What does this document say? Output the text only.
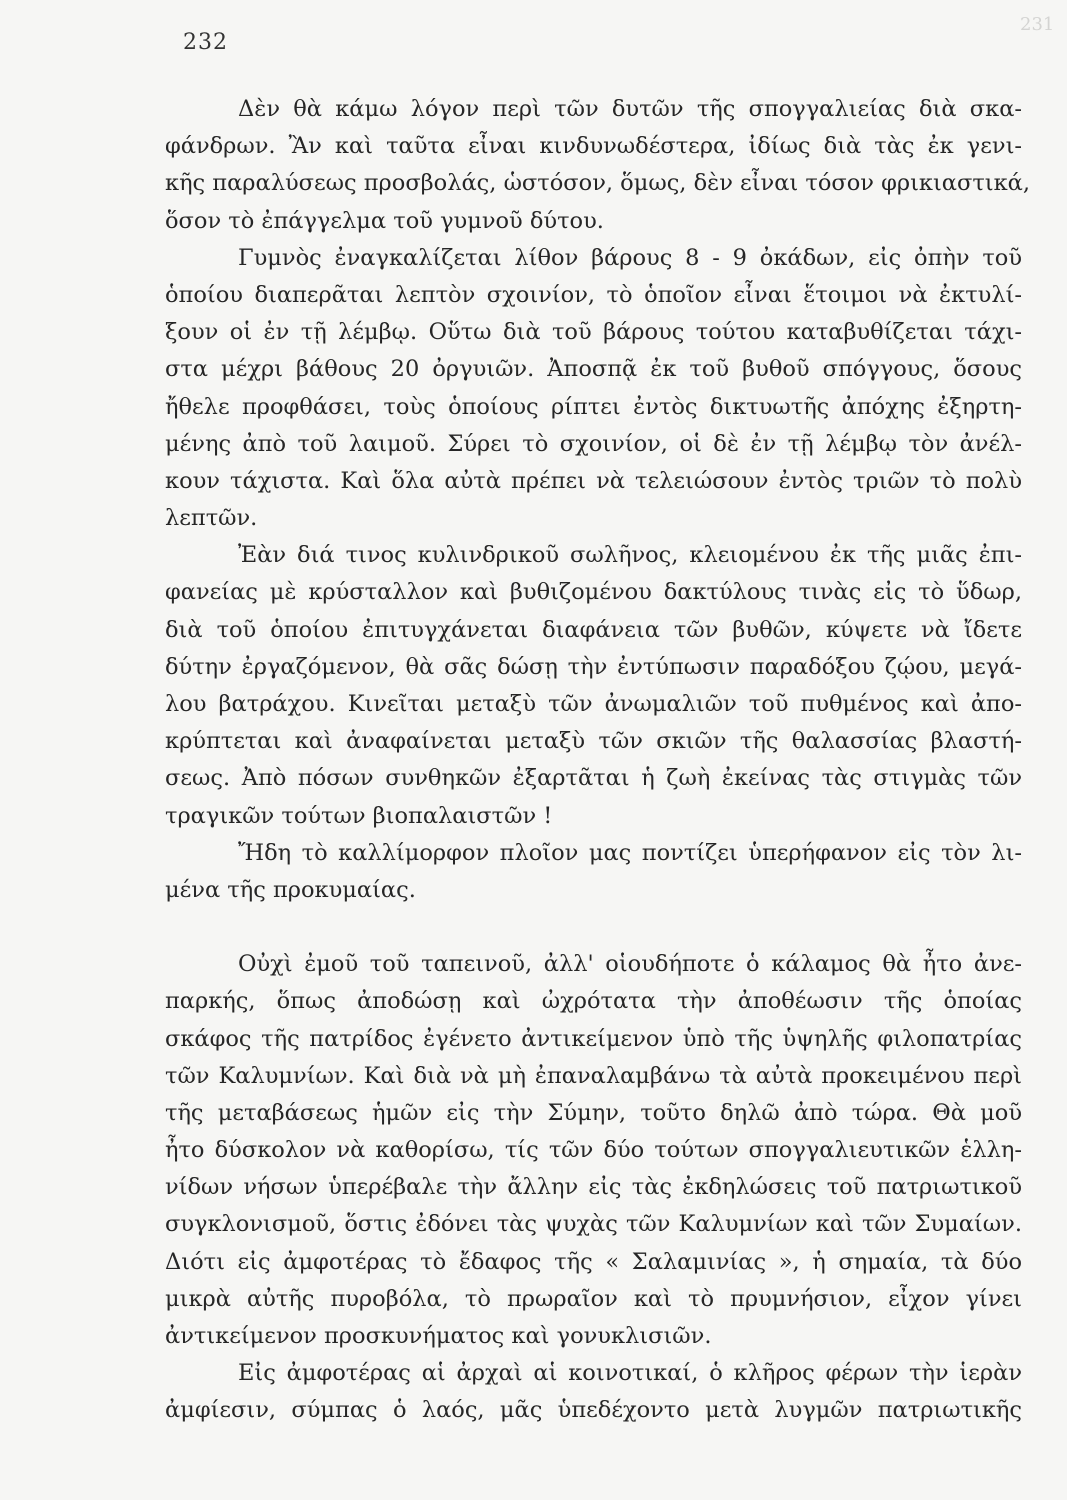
231
232
Δὲν θὰ κάμω λόγον περὶ τῶν δυτῶν τῆς σπογγαλιείας διὰ σκα-
φάνδρων. Ἂν καὶ ταῦτα εἶναι κινδυνωδέστερα, ἰδίως διὰ τὰς ἐκ γενι-
κῆς παραλύσεως προσβολάς, ὡστόσον, ὅμως, δὲν εἶναι τόσον φρικιαστικά,
ὅσον τὸ ἐπάγγελμα τοῦ γυμνοῦ δύτου.
Γυμνὸς ἐναγκαλίζεται λίθον βάρους 8 - 9 ὀκάδων, εἰς ὀπὴν τοῦ
ὁποίου διαπερᾶται λεπτὸν σχοινίον, τὸ ὁποῖον εἶναι ἕτοιμοι νὰ ἐκτυλί-
ξουν οἱ ἐν τῇ λέμβῳ. Οὕτω διὰ τοῦ βάρους τούτου καταβυθίζεται τάχι-
στα μέχρι βάθους 20 ὀργυιῶν. Ἀποσπᾷ ἐκ τοῦ βυθοῦ σπόγγους, ὅσους
ἤθελε προφθάσει, τοὺς ὁποίους ρίπτει ἐντὸς δικτυωτῆς ἀπόχης ἐξηρτη-
μένης ἀπὸ τοῦ λαιμοῦ. Σύρει τὸ σχοινίον, οἱ δὲ ἐν τῇ λέμβῳ τὸν ἀνέλ-
κουν τάχιστα. Καὶ ὅλα αὐτὰ πρέπει νὰ τελειώσουν ἐντὸς τριῶν τὸ πολὺ
λεπτῶν.
Ἐὰν διά τινος κυλινδρικοῦ σωλῆνος, κλειομένου ἐκ τῆς μιᾶς ἐπι-
φανείας μὲ κρύσταλλον καὶ βυθιζομένου δακτύλους τινὰς εἰς τὸ ὕδωρ,
διὰ τοῦ ὁποίου ἐπιτυγχάνεται διαφάνεια τῶν βυθῶν, κύψετε νὰ ἴδετε
δύτην ἐργαζόμενον, θὰ σᾶς δώσῃ τὴν ἐντύπωσιν παραδόξου ζῴου, μεγά-
λου βατράχου. Κινεῖται μεταξὺ τῶν ἀνωμαλιῶν τοῦ πυθμένος καὶ ἀπο-
κρύπτεται καὶ ἀναφαίνεται μεταξὺ τῶν σκιῶν τῆς θαλασσίας βλαστή-
σεως. Ἀπὸ πόσων συνθηκῶν ἐξαρτᾶται ἡ ζωὴ ἐκείνας τὰς στιγμὰς τῶν
τραγικῶν τούτων βιοπαλαιστῶν !
Ἤδη τὸ καλλίμορφον πλοῖον μας ποντίζει ὑπερήφανον εἰς τὸν λι-
μένα τῆς προκυμαίας.
Οὐχὶ ἐμοῦ τοῦ ταπεινοῦ, ἀλλ' οἱουδήποτε ὁ κάλαμος θὰ ἦτο ἀνε-
παρκής, ὅπως ἀποδώσῃ καὶ ὠχρότατα τὴν ἀποθέωσιν τῆς ὁποίας
σκάφος τῆς πατρίδος ἐγένετο ἀντικείμενον ὑπὸ τῆς ὑψηλῆς φιλοπατρίας
τῶν Καλυμνίων. Καὶ διὰ νὰ μὴ ἐπαναλαμβάνω τὰ αὐτὰ προκειμένου περὶ
τῆς μεταβάσεως ἡμῶν εἰς τὴν Σύμην, τοῦτο δηλῶ ἀπὸ τώρα. Θὰ μοῦ
ἦτο δύσκολον νὰ καθορίσω, τίς τῶν δύο τούτων σπογγαλιευτικῶν ἑλλη-
νίδων νήσων ὑπερέβαλε τὴν ἄλλην εἰς τὰς ἐκδηλώσεις τοῦ πατριωτικοῦ
συγκλονισμοῦ, ὅστις ἐδόνει τὰς ψυχὰς τῶν Καλυμνίων καὶ τῶν Συμαίων.
Διότι εἰς ἀμφοτέρας τὸ ἔδαφος τῆς « Σαλαμινίας », ἡ σημαία, τὰ δύο
μικρὰ αὐτῆς πυροβόλα, τὸ πρωραῖον καὶ τὸ πρυμνήσιον, εἶχον γίνει
ἀντικείμενον προσκυνήματος καὶ γονυκλισιῶν.
Εἰς ἀμφοτέρας αἱ ἀρχαὶ αἱ κοινοτικαί, ὁ κλῆρος φέρων τὴν ἱερὰν
ἀμφίεσιν, σύμπας ὁ λαός, μᾶς ὑπεδέχοντο μετὰ λυγμῶν πατριωτικῆς
